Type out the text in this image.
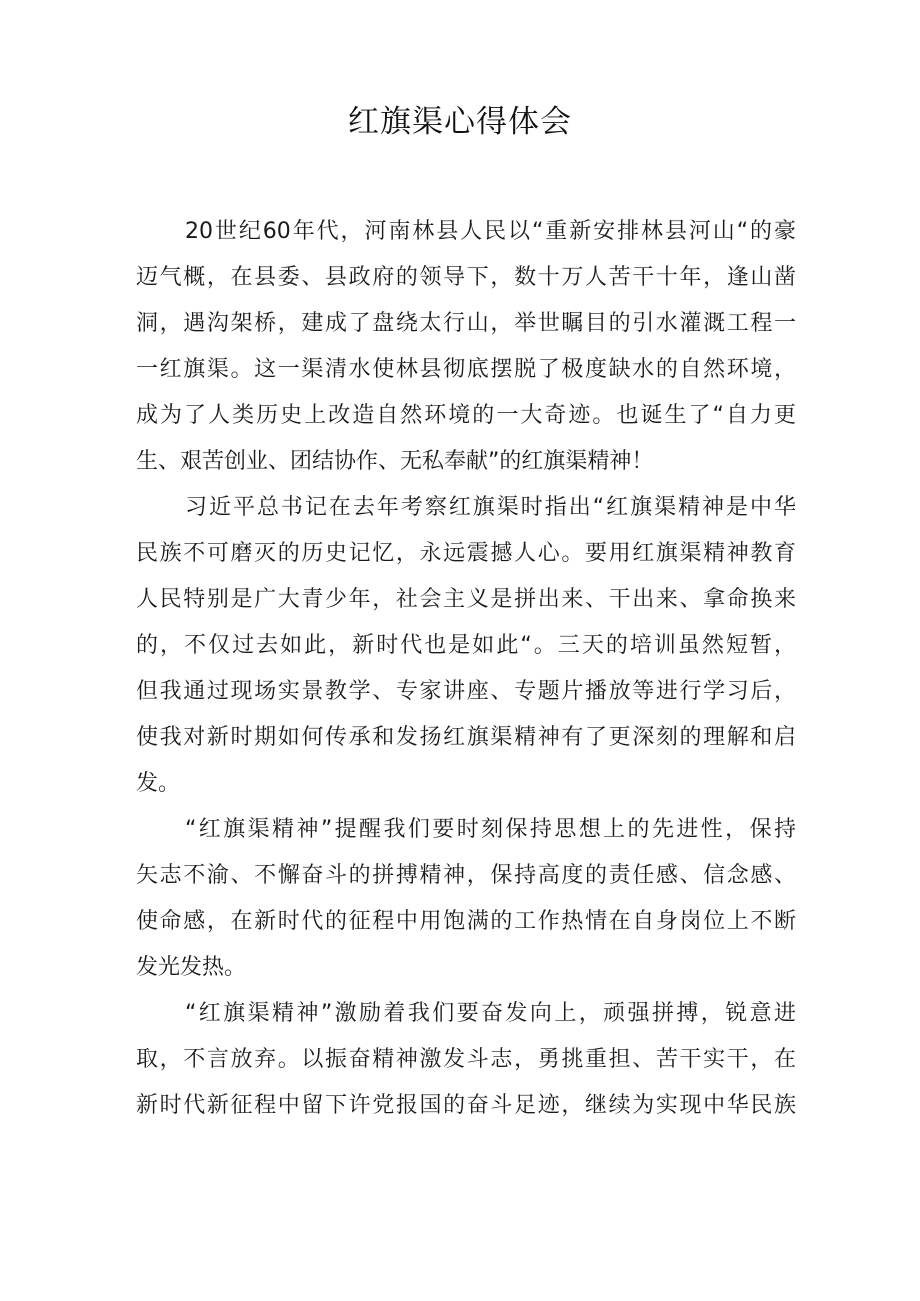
红旗渠心得体会
20世纪60年代，河南林县人民以“重新安排林县河山“的豪
迈气概，在县委、县政府的领导下，数十万人苦干十年，逢山凿
洞，遇沟架桥，建成了盘绕太行山，举世瞩目的引水灌溉工程一
一红旗渠。这一渠清水使林县彻底摆脱了极度缺水的自然环境，
成为了人类历史上改造自然环境的一大奇迹。也诞生了“自力更
生、艰苦创业、团结协作、无私奉献”的红旗渠精神！
习近平总书记在去年考察红旗渠时指出“红旗渠精神是中华
民族不可磨灭的历史记忆，永远震撼人心。要用红旗渠精神教育
人民特别是广大青少年，社会主义是拼出来、干出来、拿命换来
的，不仅过去如此，新时代也是如此“。三天的培训虽然短暂，
但我通过现场实景教学、专家讲座、专题片播放等进行学习后，
使我对新时期如何传承和发扬红旗渠精神有了更深刻的理解和启
发。
“红旗渠精神”提醒我们要时刻保持思想上的先进性，保持
矢志不渝、不懈奋斗的拼搏精神，保持高度的责任感、信念感、
使命感，在新时代的征程中用饱满的工作热情在自身岗位上不断
发光发热。
“红旗渠精神”激励着我们要奋发向上，顽强拼搏，锐意进
取，不言放弃。以振奋精神激发斗志，勇挑重担、苦干实干，在
新时代新征程中留下许党报国的奋斗足迹，继续为实现中华民族
